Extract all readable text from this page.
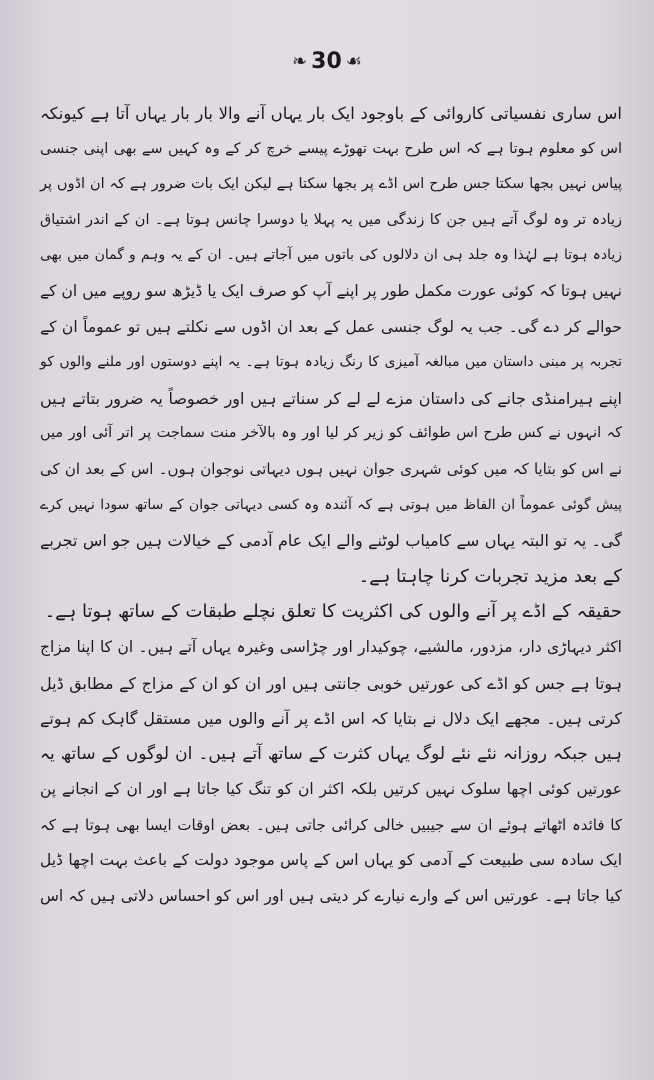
❧ 30 ☙
اس ساری نفسیاتی کاروائی کے باوجود ایک بار یہاں آنے والا بار بار یہاں آتا ہے کیونکہ
اس کو معلوم ہوتا ہے کہ اس طرح بہت تھوڑے پیسے خرچ کر کے وہ کہیں سے بھی اپنی جنسی
پیاس نہیں بجھا سکتا جس طرح اس اڈے پر بجھا سکتا ہے لیکن ایک بات ضرور ہے کہ ان اڈوں پر
زیادہ تر وہ لوگ آتے ہیں جن کا زندگی میں یہ پہلا یا دوسرا چانس ہوتا ہے۔ ان کے اندر اشتیاق
زیادہ ہوتا ہے لہٰذا وہ جلد ہی ان دلالوں کی باتوں میں آجاتے ہیں۔ ان کے یہ وہم و گمان میں بھی
نہیں ہوتا کہ کوئی عورت مکمل طور پر اپنے آپ کو صرف ایک یا ڈیڑھ سو روپے میں ان کے
حوالے کر دے گی۔ جب یہ لوگ جنسی عمل کے بعد ان اڈوں سے نکلتے ہیں تو عموماً ان کے
تجربہ پر مبنی داستان میں مبالغہ آمیزی کا رنگ زیادہ ہوتا ہے۔ یہ اپنے دوستوں اور ملنے والوں کو
اپنے ہیرامنڈی جانے کی داستان مزے لے لے کر سناتے ہیں اور خصوصاً یہ ضرور بتاتے ہیں
کہ انہوں نے کس طرح اس طوائف کو زیر کر لیا اور وہ بالآخر منت سماجت پر اتر آئی اور میں
نے اس کو بتایا کہ میں کوئی شہری جوان نہیں ہوں دیہاتی نوجوان ہوں۔ اس کے بعد ان کی
پیش گوئی عموماً ان الفاظ میں ہوتی ہے کہ آئندہ وہ کسی دیہاتی جوان کے ساتھ سودا نہیں کرے
گی۔ یہ تو البتہ یہاں سے کامیاب لوٹنے والے ایک عام آدمی کے خیالات ہیں جو اس تجربے
کے بعد مزید تجربات کرنا چاہتا ہے۔
حقیقہ کے اڈے پر آنے والوں کی اکثریت کا تعلق نچلے طبقات کے ساتھ ہوتا ہے۔
اکثر دیہاڑی دار، مزدور، مالشیے، چوکیدار اور چڑاسی وغیرہ یہاں آتے ہیں۔ ان کا اپنا مزاج
ہوتا ہے جس کو اڈے کی عورتیں خوبی جانتی ہیں اور ان کو ان کے مزاج کے مطابق ڈیل
کرتی ہیں۔ مجھے ایک دلال نے بتایا کہ اس اڈے پر آنے والوں میں مستقل گاہک کم ہوتے
ہیں جبکہ روزانہ نئے نئے لوگ یہاں کثرت کے ساتھ آتے ہیں۔ ان لوگوں کے ساتھ یہ
عورتیں کوئی اچھا سلوک نہیں کرتیں بلکہ اکثر ان کو تنگ کیا جاتا ہے اور ان کے انجانے پن
کا فائدہ اٹھاتے ہوئے ان سے جیبیں خالی کرائی جاتی ہیں۔ بعض اوقات ایسا بھی ہوتا ہے کہ
ایک سادہ سی طبیعت کے آدمی کو یہاں اس کے پاس موجود دولت کے باعث بہت اچھا ڈیل
کیا جاتا ہے۔ عورتیں اس کے وارے نیارے کر دیتی ہیں اور اس کو احساس دلاتی ہیں کہ اس
